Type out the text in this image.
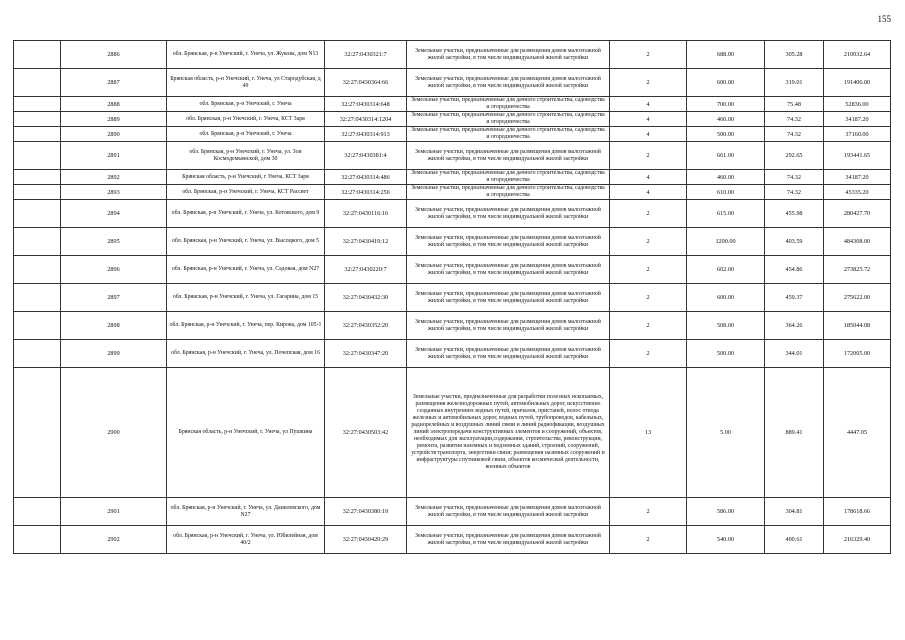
155
	2886	обл. Брянская, р-н Унечский, г. Унеча, ул. Жукова, дом N13	32:27:0430321:7	Земельные участки, предназначенные для размещения домов малоэтажной жилой застройки, в том числе индивидуальной жилой застройки	2	688.00	305.28	210032.64
	2887	Брянская область, р-н Унечский, г. Унеча, ул Стародубская, д 49	32:27:0430364:66	Земельные участки, предназначенные для размещения домов малоэтажной жилой застройки, в том числе индивидуальной жилой застройки	2	600.00	319.01	191406.00
	2888	обл. Брянская, р-н Унечский, г. Унеча	32:27:0430314:648	Земельные участки, предназначенные для дачного строительства, садоводства и огородничества	4	700.00	75.48	52836.00
	2889	обл. Брянская, р-н Унечский, г. Унеча, КСТ Заря	32:27:0430314:1204	Земельные участки, предназначенные для дачного строительства, садоводства и огородничества	4	460.00	74.32	34187.20
	2890	обл. Брянская, р-н Унечский, г. Унеча	32:27:0430314:913	Земельные участки, предназначенные для дачного строительства, садоводства и огородничества	4	500.00	74.32	37160.00
	2891	обл. Брянская, р-н Унечский, г. Унеча, ул. Зои Космодемьянской, дом 30	32:27:0430381:4	Земельные участки, предназначенные для размещения домов малоэтажной жилой застройки, в том числе индивидуальной жилой застройки	2	661.00	292.65	193441.65
	2892	Брянская область, р-н Унечский, г Унеча, КСТ Заря	32:27:0430314:486	Земельные участки, предназначенные для дачного строительства, садоводства и огородничества	4	460.00	74.32	34187.20
	2893	обл. Брянская, р-н Унечский, г. Унеча, КСТ Рассвет	32:27:0430314:256	Земельные участки, предназначенные для дачного строительства, садоводства и огородничества	4	610.00	74.32	45335.20
	2894	обл. Брянская, р-н Унечский, г. Унеча, ул. Котовского, дом 9	32:27:0430116:16	Земельные участки, предназначенные для размещения домов малоэтажной жилой застройки, в том числе индивидуальной жилой застройки	2	615.00	455.98	280427.70
	2895	обл. Брянская, р-н Унечский, г. Унеча, ул. Высоцкого, дом 5	32:27:0430419:12	Земельные участки, предназначенные для размещения домов малоэтажной жилой застройки, в том числе индивидуальной жилой застройки	2	1200.00	403.59	484308.00
	2896	обл. Брянская, р-н Унечский, г. Унеча, ул. Садовая, дом N27	32:27:0430220:7	Земельные участки, предназначенные для размещения домов малоэтажной жилой застройки, в том числе индивидуальной жилой застройки	2	602.00	454.86	273825.72
	2897	обл. Брянская, р-н Унечский, г. Унеча, ул. Гагарина, дом 15	32:27:0430432:30	Земельные участки, предназначенные для размещения домов малоэтажной жилой застройки, в том числе индивидуальной жилой застройки	2	600.00	459.37	275622.00
	2898	обл. Брянская, р-н Унечский, г. Унеча, пер. Кирова, дом 105-1	32:27:0430352:20	Земельные участки, предназначенные для размещения домов малоэтажной жилой застройки, в том числе индивидуальной жилой застройки	2	508.00	364.26	185044.08
	2899	обл. Брянская, р-н Унечский, г. Унеча, ул. Почепская, дом 16	32:27:0430347:20	Земельные участки, предназначенные для размещения домов малоэтажной жилой застройки, в том числе индивидуальной жилой застройки	2	500.00	344.01	172005.00
	2900	Брянская область, р-н Унечский, г. Унеча, ул Пушкина	32:27:0430503:42	Земельные участки, предназначенные для разработки полезных ископаемых, размещения железнодорожных путей, автомобильных дорог, искусственно созданных внутренних водных путей, причалов, пристаней, полос отвода железных и автомобильных дорог, водных путей, трубопроводов, кабельных, радиорелейных и воздушных линий связи и линий радиофикации, воздушных линий электропередачи конструктивных элементов и сооружений, объектов, необходимых для эксплуатации,содержания, строительства, реконструкции, ремонта, развития наземных и подземных зданий, строений, сооружений, устройств транспорта, энергетики связи; размещения наземных сооружений и инфраструктуры спутниковой связи, объектов космической деятельности, военных объектов	13	5.00	889.41	4447.05
	2901	обл. Брянская, р-н Унечский, г. Унеча, ул. Данилевского, дом N27	32:27:0430380:19	Земельные участки, предназначенные для размещения домов малоэтажной жилой застройки, в том числе индивидуальной жилой застройки	2	586.00	304.81	178618.66
	2902	обл. Брянская, р-н Унечский, г. Унеча, ул. Юбилейная, дом 40/2	32:27:0430420:29	Земельные участки, предназначенные для размещения домов малоэтажной жилой застройки, в том числе индивидуальной жилой застройки	2	540.00	400.61	216329.40
